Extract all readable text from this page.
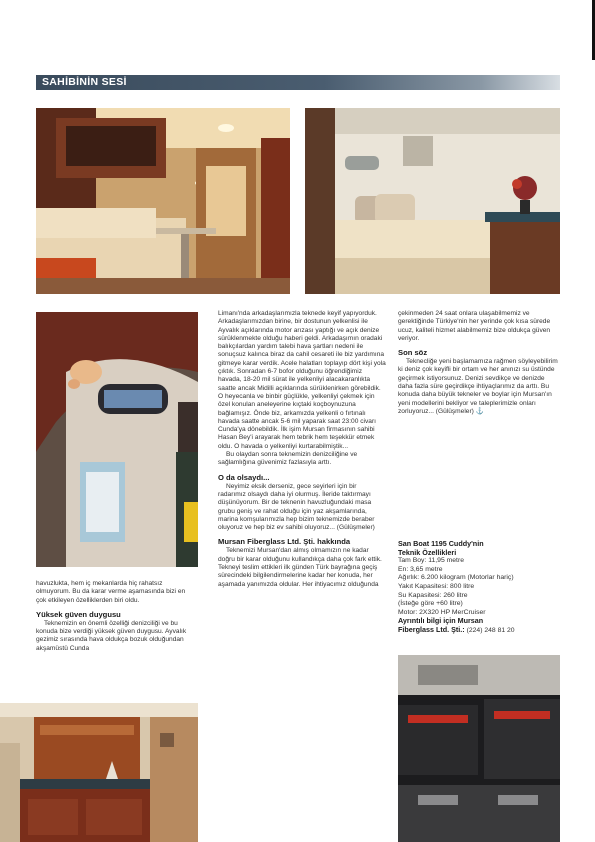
SAHİBİNİN SESİ

havuzlukta, hem iç mekanlarda hiç rahatsız olmuyorum. Bu da karar verme aşamasında bizi en çok etkileyen özelliklerden biri oldu.

Yüksek güven duygusu

Teknemizin en önemli özelliği denizciliği ve bu konuda bize verdiği yüksek güven duygusu. Ayvalık gezimiz sırasında hava oldukça bozuk olduğundan akşamüstü Cunda

Limanı'nda arkadaşlarımızla teknede keyif yapıyorduk. Arkadaşlarımızdan birine, bir dostunun yelkenlisi ile Ayvalık açıklarında motor arızası yaptığı ve açık denize sürüklenmekte olduğu haberi geldi. Arkadaşımın oradaki balıkçılardan yardım talebi hava şartları nedeni ile sonuçsuz kalınca biraz da cahil cesareti ile biz yardımına gitmeye karar verdik. Acele halatları toplayıp dört kişi yola çıktık. Sonradan 6-7 bofor olduğunu öğrendiğimiz havada, 18-20 mil sürat ile yelkenliyi alacakaranlıkta saatte ancak Midilli açıklarında sürüklenirken görebildik. O heyecanla ve binbir güçlükle, yelkenliyi çekmek için özel konulan aneleyerine kıçtaki koçboynuzuna bağlamışız. Önde biz, arkamızda yelkenli o fırtınalı havada saatte ancak 5-6 mil yaparak saat 23:00 civarı Cunda'ya dönebildik. İlk işim Mursan firmasının sahibi Hasan Bey'i arayarak hem tebrik hem teşekkür etmek oldu. O havada o yelkenliyi kurtarabilmiştik...

Bu olaydan sonra teknemizin denizciliğine ve sağlamlığına güvenimiz fazlasıyla arttı.

O da olsaydı...

Neyimiz eksik derseniz, gece seyirleri için bir radarımız olsaydı daha iyi olurmuş. İleride taktırmayı düşünüyorum. Bir de teknenin havuzluğundaki masa grubu geniş ve rahat olduğu için yaz akşamlarında, marina komşularımızla hep bizim teknemizde beraber oluyoruz ve hep biz ev sahibi oluyoruz... (Gülüşmeler)

Mursan Fiberglass Ltd. Şti. hakkında

Teknemizi Mursan'dan almış olmamızın ne kadar doğru bir karar olduğunu kullandıkça daha çok fark ettik. Tekneyi teslim ettikleri ilk günden Türk bayrağına geçiş sürecindeki bilgilendirmelerine kadar her konuda, her aşamada yanımızda oldular. Her ihtiyacımız olduğunda

çekinmeden 24 saat onlara ulaşabilmemiz ve gerektiğinde Türkiye'nin her yerinde çok kısa sürede ucuz, kaliteli hizmet alabilmemiz bize oldukça güven veriyor.

Son söz

Teknecliğe yeni başlamamıza rağmen söyleyebilirim ki deniz çok keyifli bir ortam ve her anınızı su üstünde geçirmek istiyorsunuz. Denizi sevdikçe ve denizde daha fazla süre geçirdikçe ihtiyaçlarımız da arttı. Bu konuda daha büyük tekneler ve boylar için Mursan'ın yeni modellerini bekliyor ve taleplerimizle onları zorluyoruz... (Gülüşmeler) ⚓

San Boat 1195 Cuddy'nin
Teknik Özellikleri
Tam Boy: 11,95 metre
En: 3,65 metre
Ağırlık: 6.200 kilogram (Motorlar hariç)
Yakıt Kapasitesi: 800 litre
Su Kapasitesi: 260 litre
(İsteğe göre +60 litre)
Motor: 2X320 HP MerCruiser
Ayrıntılı bilgi için Mursan
Fiberglass Ltd. Şti.: (224) 248 81 20
